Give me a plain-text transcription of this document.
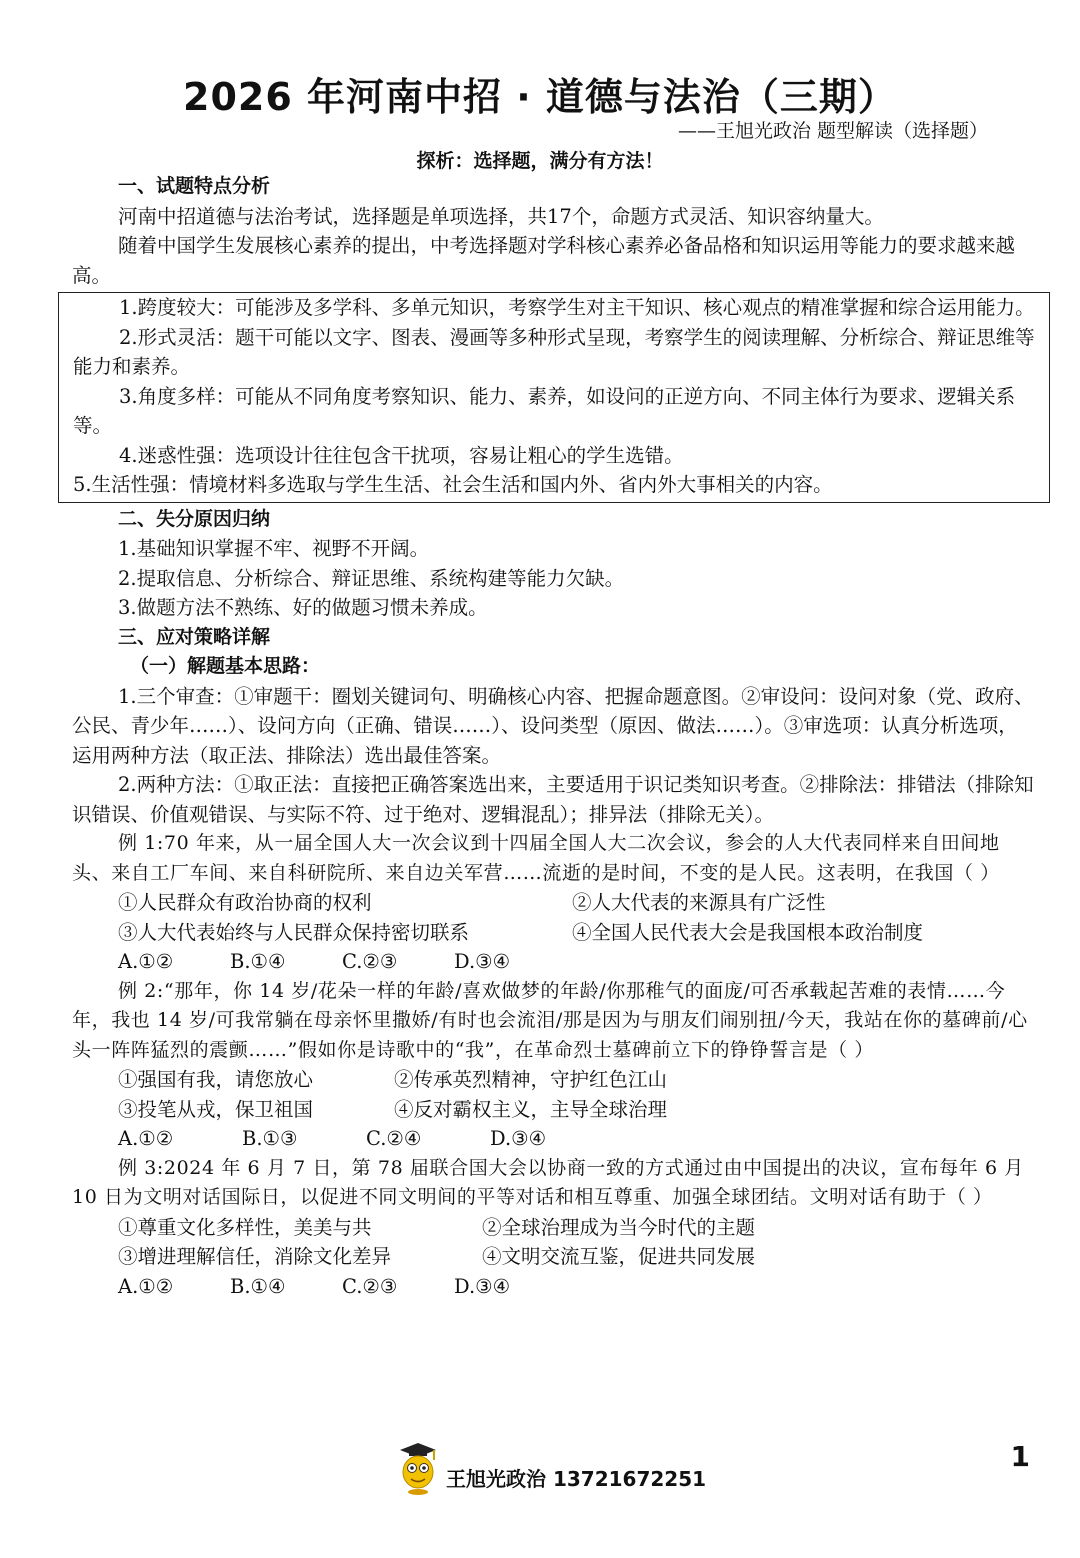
2026 年河南中招 · 道德与法治（三期）
——王旭光政治 题型解读（选择题）
探析：选择题，满分有方法！

一、试题特点分析

河南中招道德与法治考试，选择题是单项选择，共17个，命题方式灵活、知识容纳量大。

随着中国学生发展核心素养的提出，中考选择题对学科核心素养必备品格和知识运用等能力的要求越来越高。

1.跨度较大：可能涉及多学科、多单元知识，考察学生对主干知识、核心观点的精准掌握和综合运用能力。

2.形式灵活：题干可能以文字、图表、漫画等多种形式呈现，考察学生的阅读理解、分析综合、辩证思维等能力和素养。

3.角度多样：可能从不同角度考察知识、能力、素养，如设问的正逆方向、不同主体行为要求、逻辑关系等。

4.迷惑性强：选项设计往往包含干扰项，容易让粗心的学生选错。

5.生活性强：情境材料多选取与学生生活、社会生活和国内外、省内外大事相关的内容。

二、失分原因归纳

1.基础知识掌握不牢、视野不开阔。

2.提取信息、分析综合、辩证思维、系统构建等能力欠缺。

3.做题方法不熟练、好的做题习惯未养成。

三、应对策略详解

（一）解题基本思路：

1.三个审查：①审题干：圈划关键词句、明确核心内容、把握命题意图。②审设问：设问对象（党、政府、公民、青少年……）、设问方向（正确、错误……）、设问类型（原因、做法……）。③审选项：认真分析选项，运用两种方法（取正法、排除法）选出最佳答案。

2.两种方法：①取正法：直接把正确答案选出来，主要适用于识记类知识考查。②排除法：排错法（排除知识错误、价值观错误、与实际不符、过于绝对、逻辑混乱）；排异法（排除无关）。

例 1:70 年来，从一届全国人大一次会议到十四届全国人大二次会议，参会的人大代表同样来自田间地头、来自工厂车间、来自科研院所、来自边关军营……流逝的是时间，不变的是人民。这表明，在我国（ ）

①人民群众有政治协商的权利	②人大代表的来源具有广泛性
③人大代表始终与人民群众保持密切联系	④全国人民代表大会是我国根本政治制度
A.①②	B.①④	C.②③	D.③④

例 2:“那年，你 14 岁/花朵一样的年龄/喜欢做梦的年龄/你那稚气的面庞/可否承载起苦难的表情……今年，我也 14 岁/可我常躺在母亲怀里撒娇/有时也会流泪/那是因为与朋友们闹别扭/今天，我站在你的墓碑前/心头一阵阵猛烈的震颤……”假如你是诗歌中的“我”，在革命烈士墓碑前立下的铮铮誓言是（ ）

①强国有我，请您放心	②传承英烈精神，守护红色江山
③投笔从戎，保卫祖国	④反对霸权主义，主导全球治理
A.①②	B.①③	C.②④	D.③④

例 3:2024 年 6 月 7 日，第 78 届联合国大会以协商一致的方式通过由中国提出的决议，宣布每年 6 月 10 日为文明对话国际日，以促进不同文明间的平等对话和相互尊重、加强全球团结。文明对话有助于（ ）

①尊重文化多样性，美美与共	②全球治理成为当今时代的主题
③增进理解信任，消除文化差异	④文明交流互鉴，促进共同发展
A.①②	B.①④	C.②③	D.③④
王旭光政治 13721672251
1
